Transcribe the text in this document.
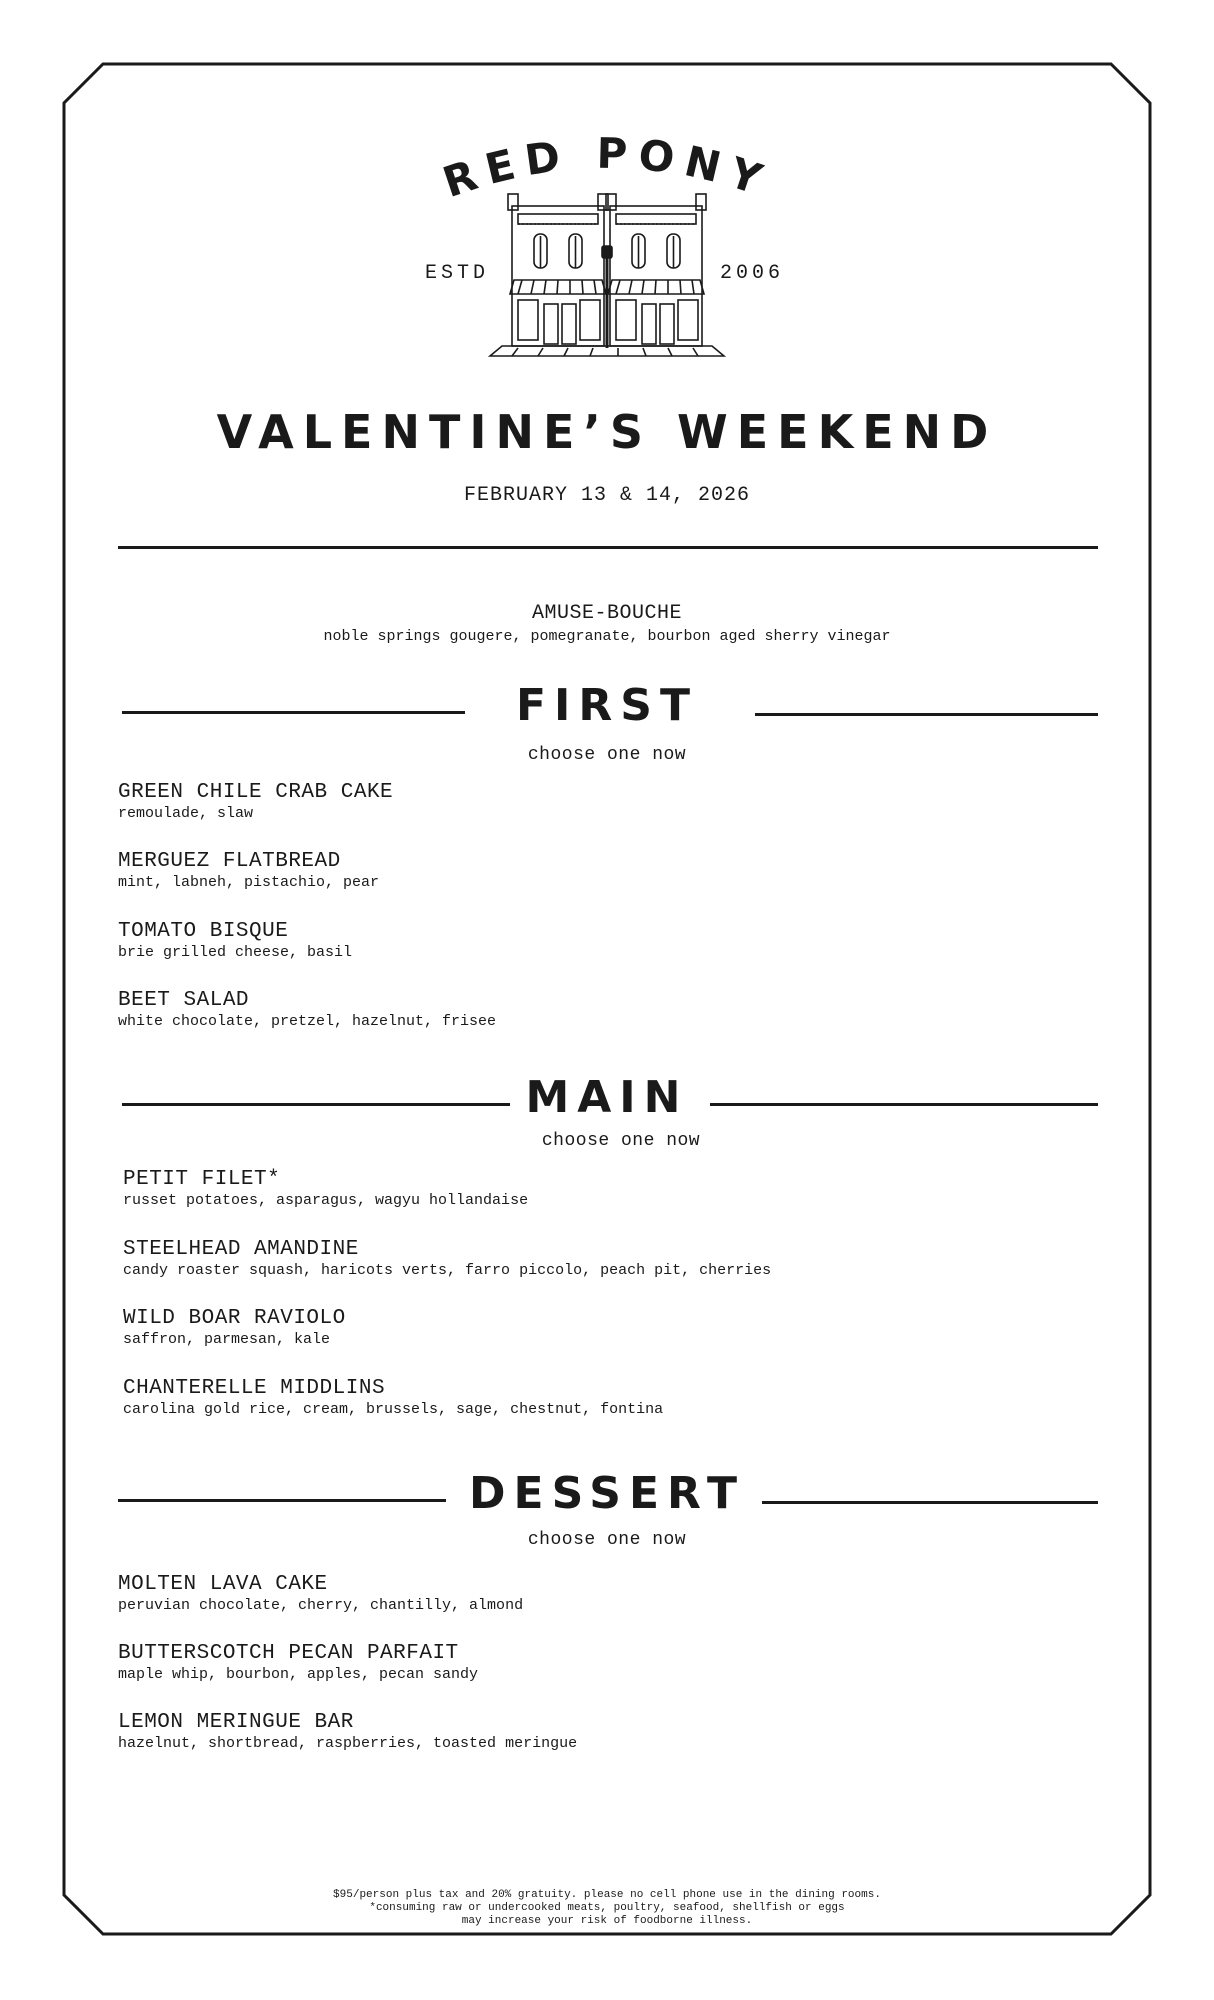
RED PONY
ESTD	2006
VALENTINE’S WEEKEND
FEBRUARY 13 & 14, 2026
AMUSE-BOUCHE
noble springs gougere, pomegranate, bourbon aged sherry vinegar
FIRST
choose one now
GREEN CHILE CRAB CAKE
remoulade, slaw
MERGUEZ FLATBREAD
mint, labneh, pistachio, pear
TOMATO BISQUE
brie grilled cheese, basil
BEET SALAD
white chocolate, pretzel, hazelnut, frisee
MAIN
choose one now
PETIT FILET*
russet potatoes, asparagus, wagyu hollandaise
STEELHEAD AMANDINE
candy roaster squash, haricots verts, farro piccolo, peach pit, cherries
WILD BOAR RAVIOLO
saffron, parmesan, kale
CHANTERELLE MIDDLINS
carolina gold rice, cream, brussels, sage, chestnut, fontina
DESSERT
choose one now
MOLTEN LAVA CAKE
peruvian chocolate, cherry, chantilly, almond
BUTTERSCOTCH PECAN PARFAIT
maple whip, bourbon, apples, pecan sandy
LEMON MERINGUE BAR
hazelnut, shortbread, raspberries, toasted meringue
$95/person plus tax and 20% gratuity. please no cell phone use in the dining rooms.
*consuming raw or undercooked meats, poultry, seafood, shellfish or eggs
may increase your risk of foodborne illness.
